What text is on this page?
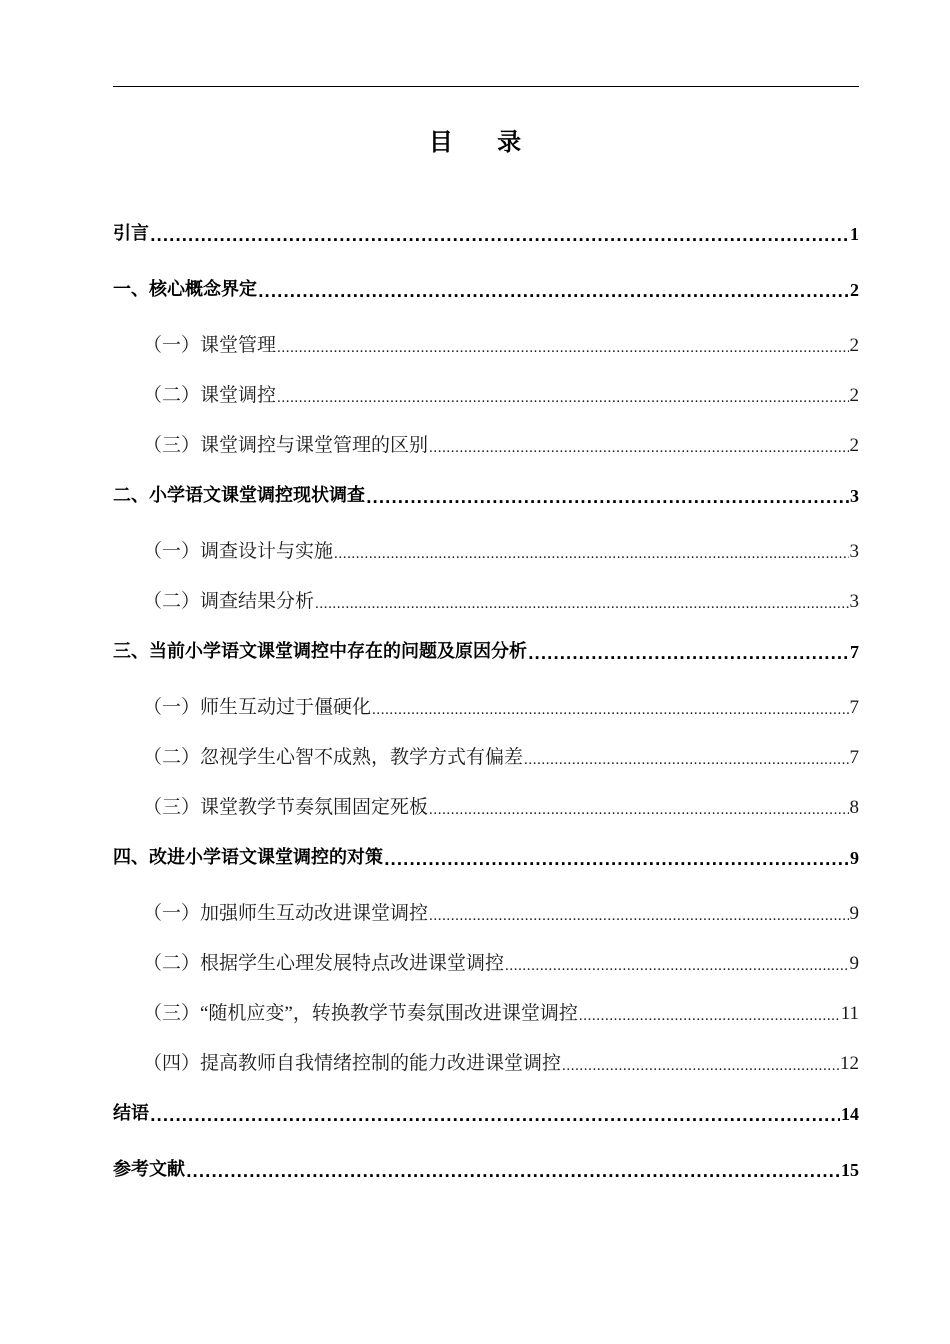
目 录
引言 .....	1
一、核心概念界定 .....	2
（一）课堂管理 .....	2
（二）课堂调控 .....	2
（三）课堂调控与课堂管理的区别 .....	2
二、小学语文课堂调控现状调查 .....	3
（一）调查设计与实施 .....	3
（二）调查结果分析 .....	3
三、当前小学语文课堂调控中存在的问题及原因分析 .....	7
（一）师生互动过于僵硬化 .....	7
（二）忽视学生心智不成熟，教学方式有偏差 .....	7
（三）课堂教学节奏氛围固定死板 .....	8
四、改进小学语文课堂调控的对策 .....	9
（一）加强师生互动改进课堂调控 .....	9
（二）根据学生心理发展特点改进课堂调控 .....	9
（三）“随机应变”，转换教学节奏氛围改进课堂调控 .....	11
（四）提高教师自我情绪控制的能力改进课堂调控 .....	12
结语 .....	14
参考文献 .....	15
